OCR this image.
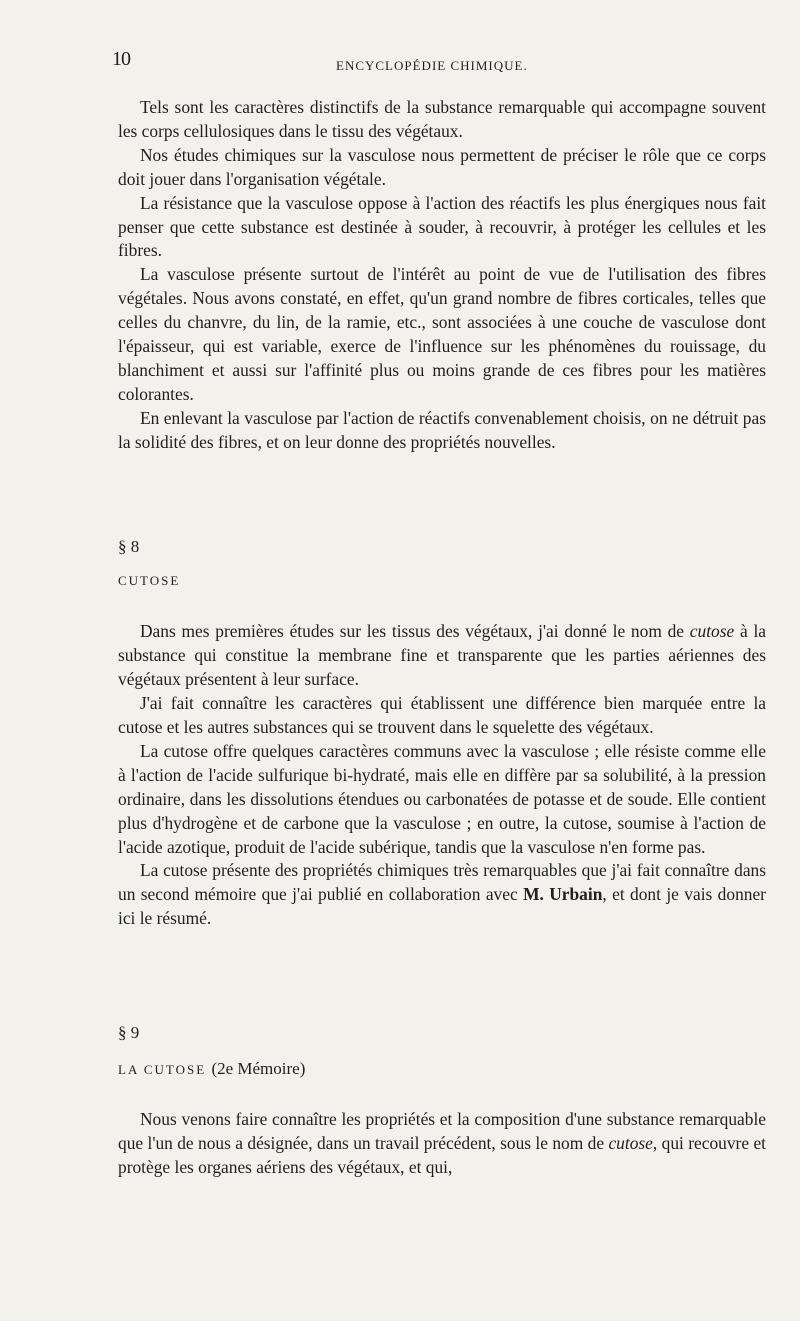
10	ENCYCLOPÉDIE CHIMIQUE.

Tels sont les caractères distinctifs de la substance remarquable qui accompagne souvent les corps cellulosiques dans le tissu des végétaux.

Nos études chimiques sur la vasculose nous permettent de préciser le rôle que ce corps doit jouer dans l'organisation végétale.

La résistance que la vasculose oppose à l'action des réactifs les plus énergiques nous fait penser que cette substance est destinée à souder, à recouvrir, à protéger les cellules et les fibres.

La vasculose présente surtout de l'intérêt au point de vue de l'utilisation des fibres végétales. Nous avons constaté, en effet, qu'un grand nombre de fibres corticales, telles que celles du chanvre, du lin, de la ramie, etc., sont associées à une couche de vasculose dont l'épaisseur, qui est variable, exerce de l'influence sur les phénomènes du rouissage, du blanchiment et aussi sur l'affinité plus ou moins grande de ces fibres pour les matières colorantes.

En enlevant la vasculose par l'action de réactifs convenablement choisis, on ne détruit pas la solidité des fibres, et on leur donne des propriétés nouvelles.

§ 8

CUTOSE

Dans mes premières études sur les tissus des végétaux, j'ai donné le nom de cutose à la substance qui constitue la membrane fine et transparente que les parties aériennes des végétaux présentent à leur surface.

J'ai fait connaître les caractères qui établissent une différence bien marquée entre la cutose et les autres substances qui se trouvent dans le squelette des végétaux.

La cutose offre quelques caractères communs avec la vasculose ; elle résiste comme elle à l'action de l'acide sulfurique bi-hydraté, mais elle en diffère par sa solubilité, à la pression ordinaire, dans les dissolutions étendues ou carbonatées de potasse et de soude. Elle contient plus d'hydrogène et de carbone que la vasculose ; en outre, la cutose, soumise à l'action de l'acide azotique, produit de l'acide subérique, tandis que la vasculose n'en forme pas.

La cutose présente des propriétés chimiques très remarquables que j'ai fait connaître dans un second mémoire que j'ai publié en collaboration avec M. Urbain, et dont je vais donner ici le résumé.

§ 9

LA CUTOSE (2e Mémoire)

Nous venons faire connaître les propriétés et la composition d'une substance remarquable que l'un de nous a désignée, dans un travail précédent, sous le nom de cutose, qui recouvre et protège les organes aériens des végétaux, et qui,
